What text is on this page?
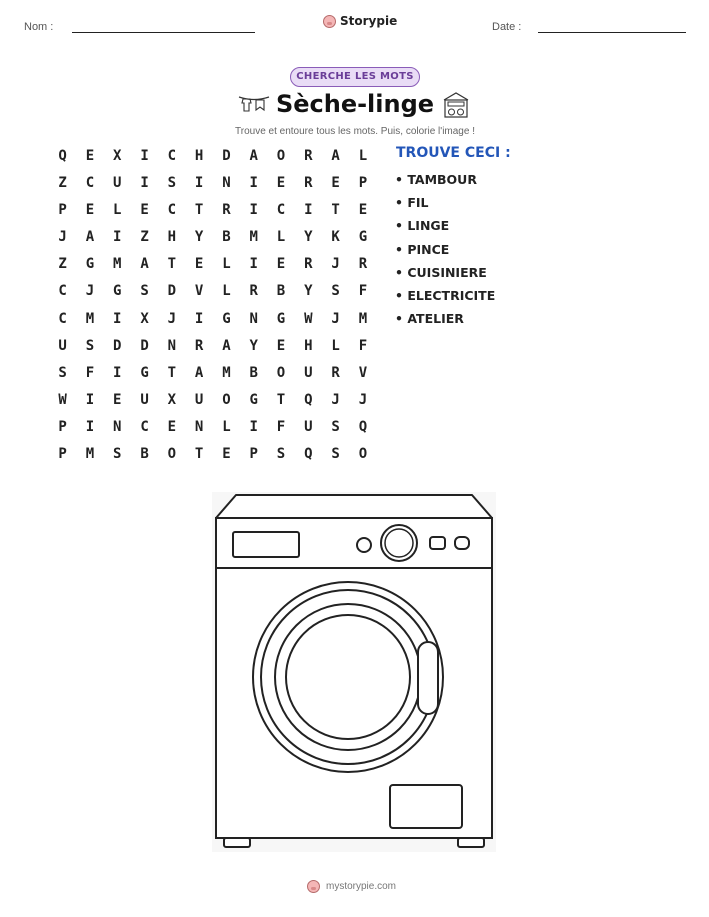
Nom :	Storypie	Date :
CHERCHE LES MOTS
Sèche-linge
Trouve et entoure tous les mots. Puis, colorie l'image !
Q	E	X	I	C	H	D	A	O	R	A	L
Z	C	U	I	S	I	N	I	E	R	E	P
P	E	L	E	C	T	R	I	C	I	T	E
J	A	I	Z	H	Y	B	M	L	Y	K	G
Z	G	M	A	T	E	L	I	E	R	J	R
C	J	G	S	D	V	L	R	B	Y	S	F
C	M	I	X	J	I	G	N	G	W	J	M
U	S	D	D	N	R	A	Y	E	H	L	F
S	F	I	G	T	A	M	B	O	U	R	V
W	I	E	U	X	U	O	G	T	Q	J	J
P	I	N	C	E	N	L	I	F	U	S	Q
P	M	S	B	O	T	E	P	S	Q	S	O
TROUVE CECI :
• TAMBOUR
• FIL
• LINGE
• PINCE
• CUISINIERE
• ELECTRICITE
• ATELIER
mystorypie.com
